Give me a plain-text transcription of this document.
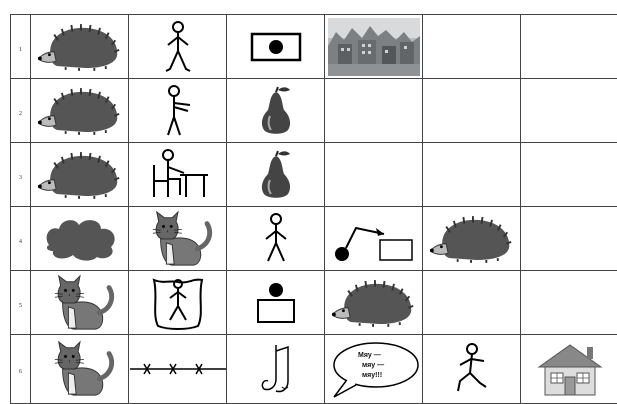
1	

2	

3	

4	

5	

6				Мяу —
мяу —
мяу!!!
